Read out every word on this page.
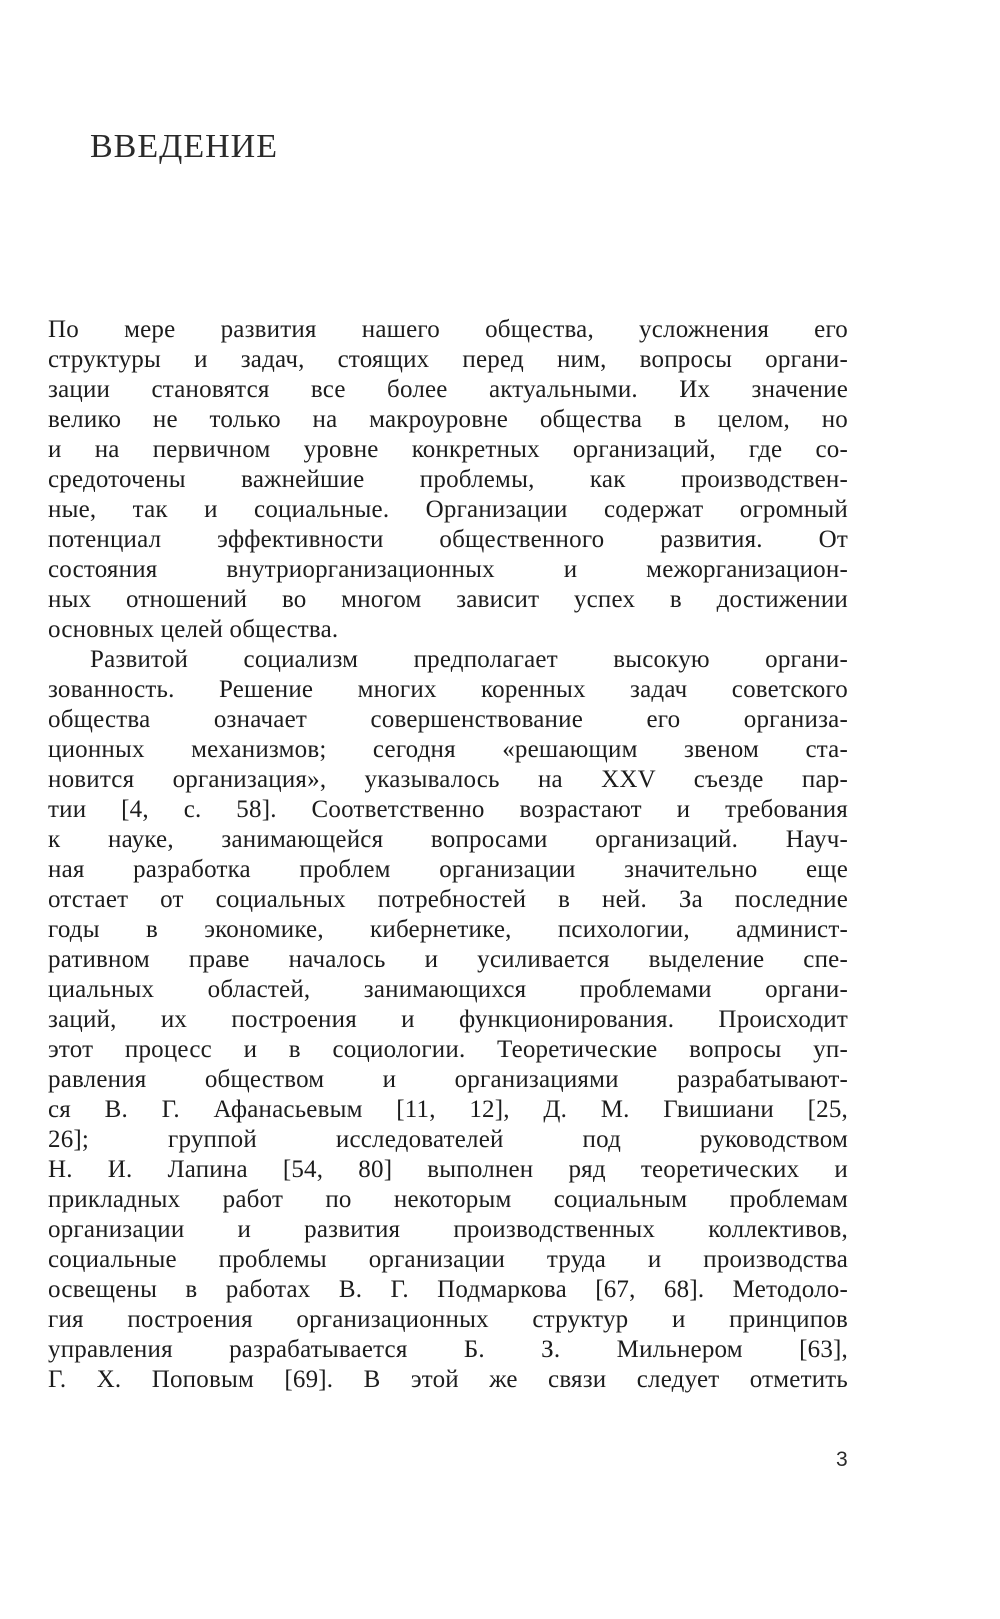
ВВЕДЕНИЕ
По мере развития нашего общества, усложнения его
структуры и задач, стоящих перед ним, вопросы органи-
зации становятся все более актуальными. Их значение
велико не только на макроуровне общества в целом, но
и на первичном уровне конкретных организаций, где со-
средоточены важнейшие проблемы, как производствен-
ные, так и социальные. Организации содержат огромный
потенциал эффективности общественного развития. От
состояния внутриорганизационных и межорганизацион-
ных отношений во многом зависит успех в достижении
основных целей общества.
Развитой социализм предполагает высокую органи-
зованность. Решение многих коренных задач советского
общества означает совершенствование его организа-
ционных механизмов; сегодня «решающим звеном ста-
новится организация», указывалось на XXV съезде пар-
тии [4, с. 58]. Соответственно возрастают и требования
к науке, занимающейся вопросами организаций. Науч-
ная разработка проблем организации значительно еще
отстает от социальных потребностей в ней. За последние
годы в экономике, кибернетике, психологии, админист-
ративном праве началось и усиливается выделение спе-
циальных областей, занимающихся проблемами органи-
заций, их построения и функционирования. Происходит
этот процесс и в социологии. Теоретические вопросы уп-
равления обществом и организациями разрабатывают-
ся В. Г. Афанасьевым [11, 12], Д. М. Гвишиани [25,
26]; группой исследователей под руководством
Н. И. Лапина [54, 80] выполнен ряд теоретических и
прикладных работ по некоторым социальным проблемам
организации и развития производственных коллективов,
социальные проблемы организации труда и производства
освещены в работах В. Г. Подмаркова [67, 68]. Методоло-
гия построения организационных структур и принципов
управления разрабатывается Б. З. Мильнером [63],
Г. Х. Поповым [69]. В этой же связи следует отметить
3
